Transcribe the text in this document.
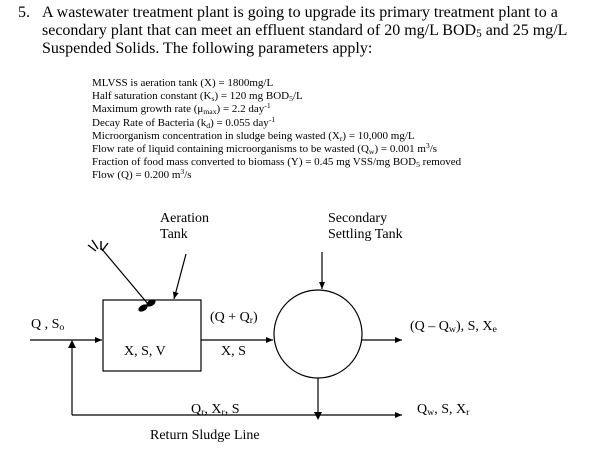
5. A wastewater treatment plant is going to upgrade its primary treatment plant to a
secondary plant that can meet an effluent standard of 20 mg/L $BOD_5$ and 25 mg/L
Suspended Solids. The following parameters apply:
MLVSS is aeration tank (X) = 1800mg/L
Half saturation constant $(K_s) = 120$ mg $BOD_5/L$
Maximum growth rate $(\mu_{max}) = 2.2$ day$^{-1}$
Decay Rate of Bacteria $(k_d) = 0.055$ day$^{-1}$
Microorganism concentration in sludge being wasted $(X_r) = 10,000$ mg/L
Flow rate of liquid containing microorganisms to be wasted $(Q_w) = 0.001$ $m^3/s$
Fraction of food mass converted to biomass (Y) = 0.45 mg VSS/mg $BOD_5$ removed
Flow (Q) = 0.200 $m^3/s$
Aeration
Tank
Secondary
Settling Tank
Q , $S_o$
X, S, V
$(Q + Q_r)$
X, S
$(Q - Q_w)$, S, $X_e$
$Q_r$, $X_r$, S	$Q_w$, S, $X_r$
Return Sludge Line
